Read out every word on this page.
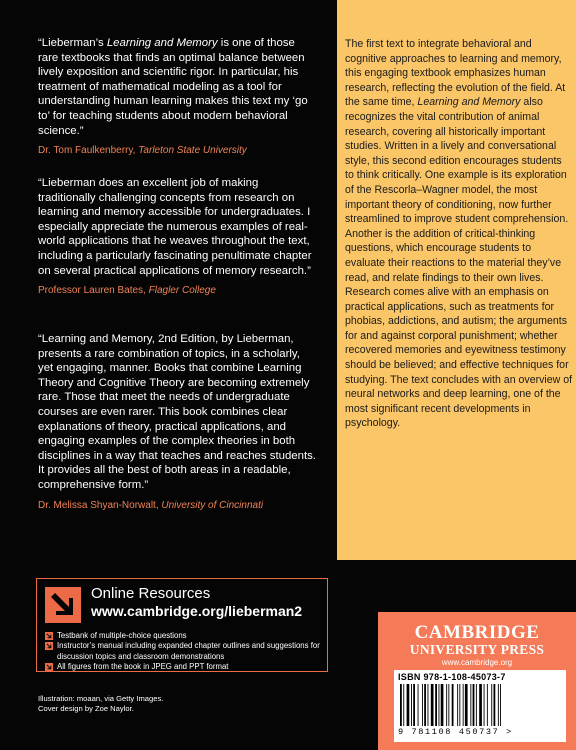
“Lieberman’s Learning and Memory is one of those rare textbooks that finds an optimal balance between lively exposition and scientific rigor. In particular, his treatment of mathematical modeling as a tool for understanding human learning makes this text my ‘go to’ for teaching students about modern behavioral science.”

Dr. Tom Faulkenberry, Tarleton State University

“Lieberman does an excellent job of making traditionally challenging concepts from research on learning and memory accessible for undergraduates. I especially appreciate the numerous examples of real-world applications that he weaves throughout the text, including a particularly fascinating penultimate chapter on several practical applications of memory research.”

Professor Lauren Bates, Flagler College

“Learning and Memory, 2nd Edition, by Lieberman, presents a rare combination of topics, in a scholarly, yet engaging, manner. Books that combine Learning Theory and Cognitive Theory are becoming extremely rare. Those that meet the needs of undergraduate courses are even rarer. This book combines clear explanations of theory, practical applications, and engaging examples of the complex theories in both disciplines in a way that teaches and reaches students. It provides all the best of both areas in a readable, comprehensive form.”

Dr. Melissa Shyan-Norwalt, University of Cincinnati

The first text to integrate behavioral and cognitive approaches to learning and memory, this engaging textbook emphasizes human research, reflecting the evolution of the field. At the same time, Learning and Memory also recognizes the vital contribution of animal research, covering all historically important studies. Written in a lively and conversational style, this second edition encourages students to think critically. One example is its exploration of the Rescorla–Wagner model, the most important theory of conditioning, now further streamlined to improve student comprehension. Another is the addition of critical-thinking questions, which encourage students to evaluate their reactions to the material they’ve read, and relate findings to their own lives. Research comes alive with an emphasis on practical applications, such as treatments for phobias, addictions, and autism; the arguments for and against corporal punishment; whether recovered memories and eyewitness testimony should be believed; and effective techniques for studying. The text concludes with an overview of neural networks and deep learning, one of the most significant recent developments in psychology.

Online Resources
www.cambridge.org/lieberman2
Testbank of multiple-choice questions
Instructor’s manual including expanded chapter outlines and suggestions for discussion topics and classroom demonstrations
All figures from the book in JPEG and PPT format
Illustration: moaan, via Getty Images.
Cover design by Zoe Naylor.
CAMBRIDGE
UNIVERSITY PRESS
www.cambridge.org
ISBN 978-1-108-45073-7
9 781108 450737 >
